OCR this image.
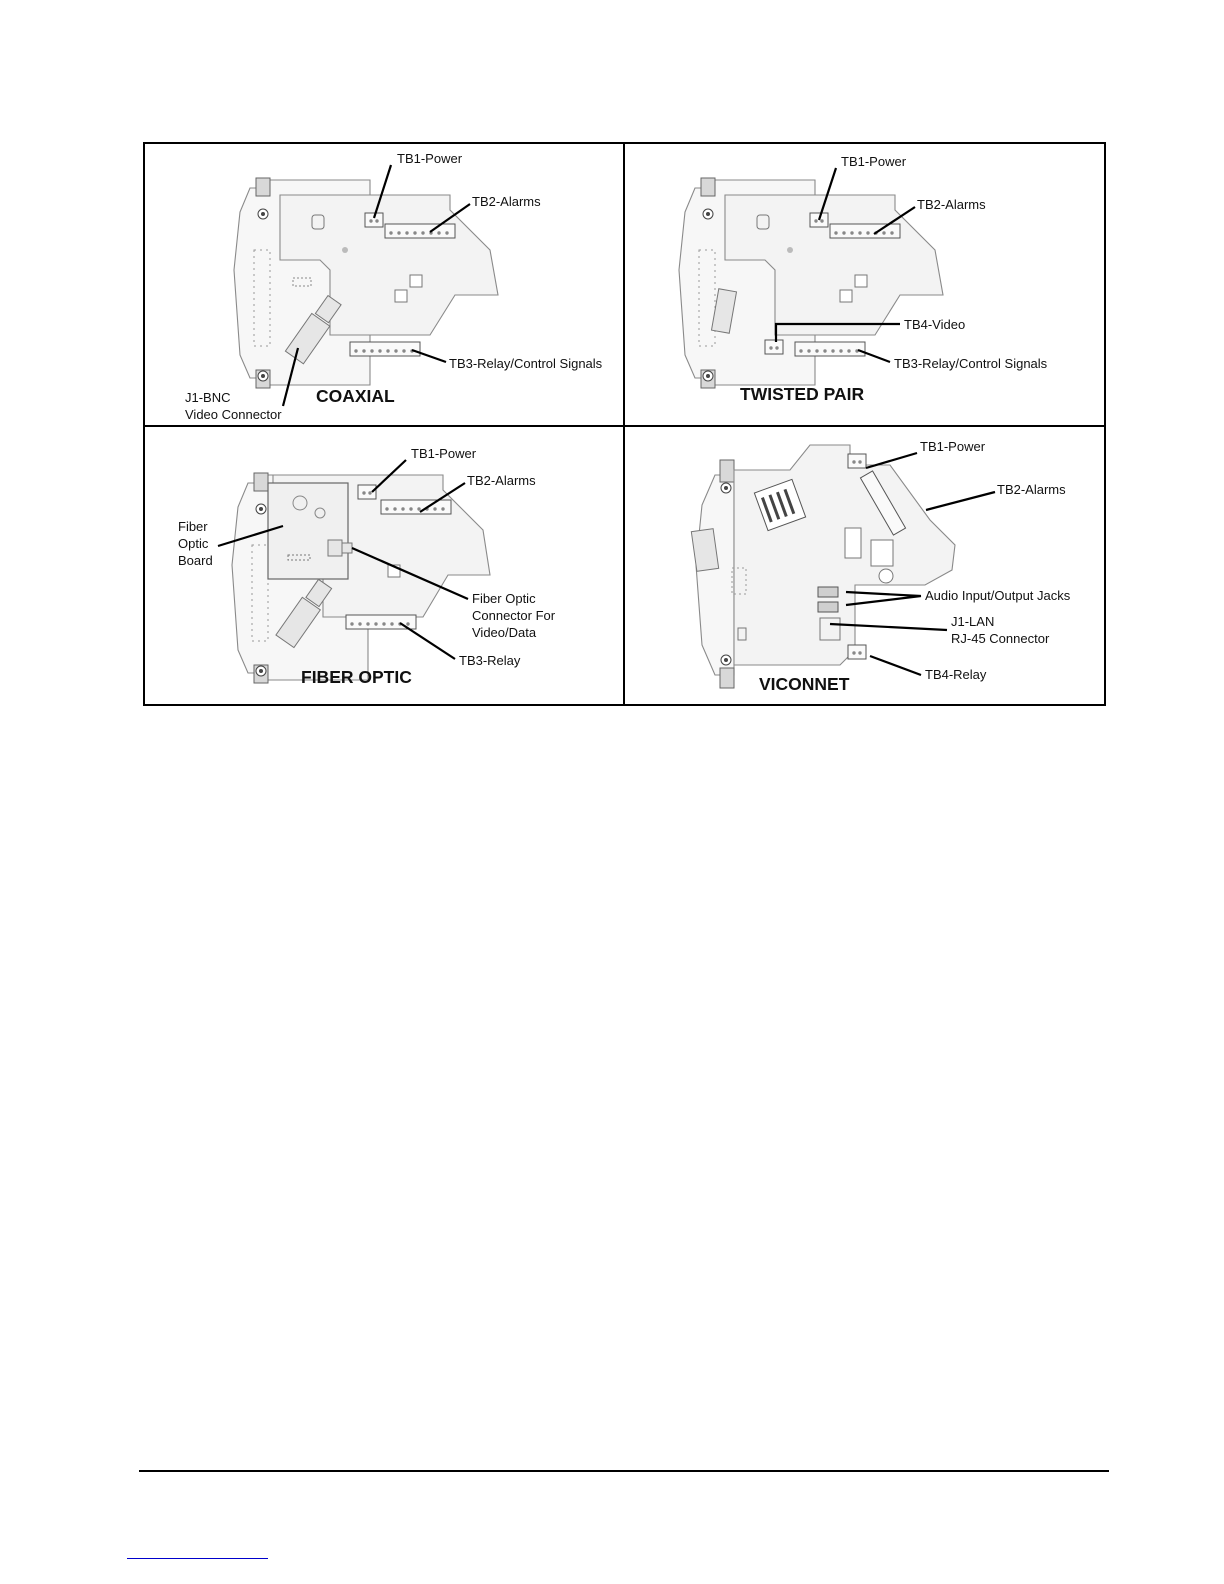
TB1-Power
TB2-Alarms
TB3-Relay/Control Signals
J1-BNC
Video Connector
COAXIAL
TB1-Power
TB2-Alarms
TB4-Video
TB3-Relay/Control Signals
TWISTED PAIR
TB1-Power
TB2-Alarms
Fiber
Optic
Board
Fiber Optic
Connector For
Video/Data
TB3-Relay
FIBER OPTIC
TB1-Power
TB2-Alarms
Audio Input/Output Jacks
J1-LAN
RJ-45 Connector
TB4-Relay
VICONNET
